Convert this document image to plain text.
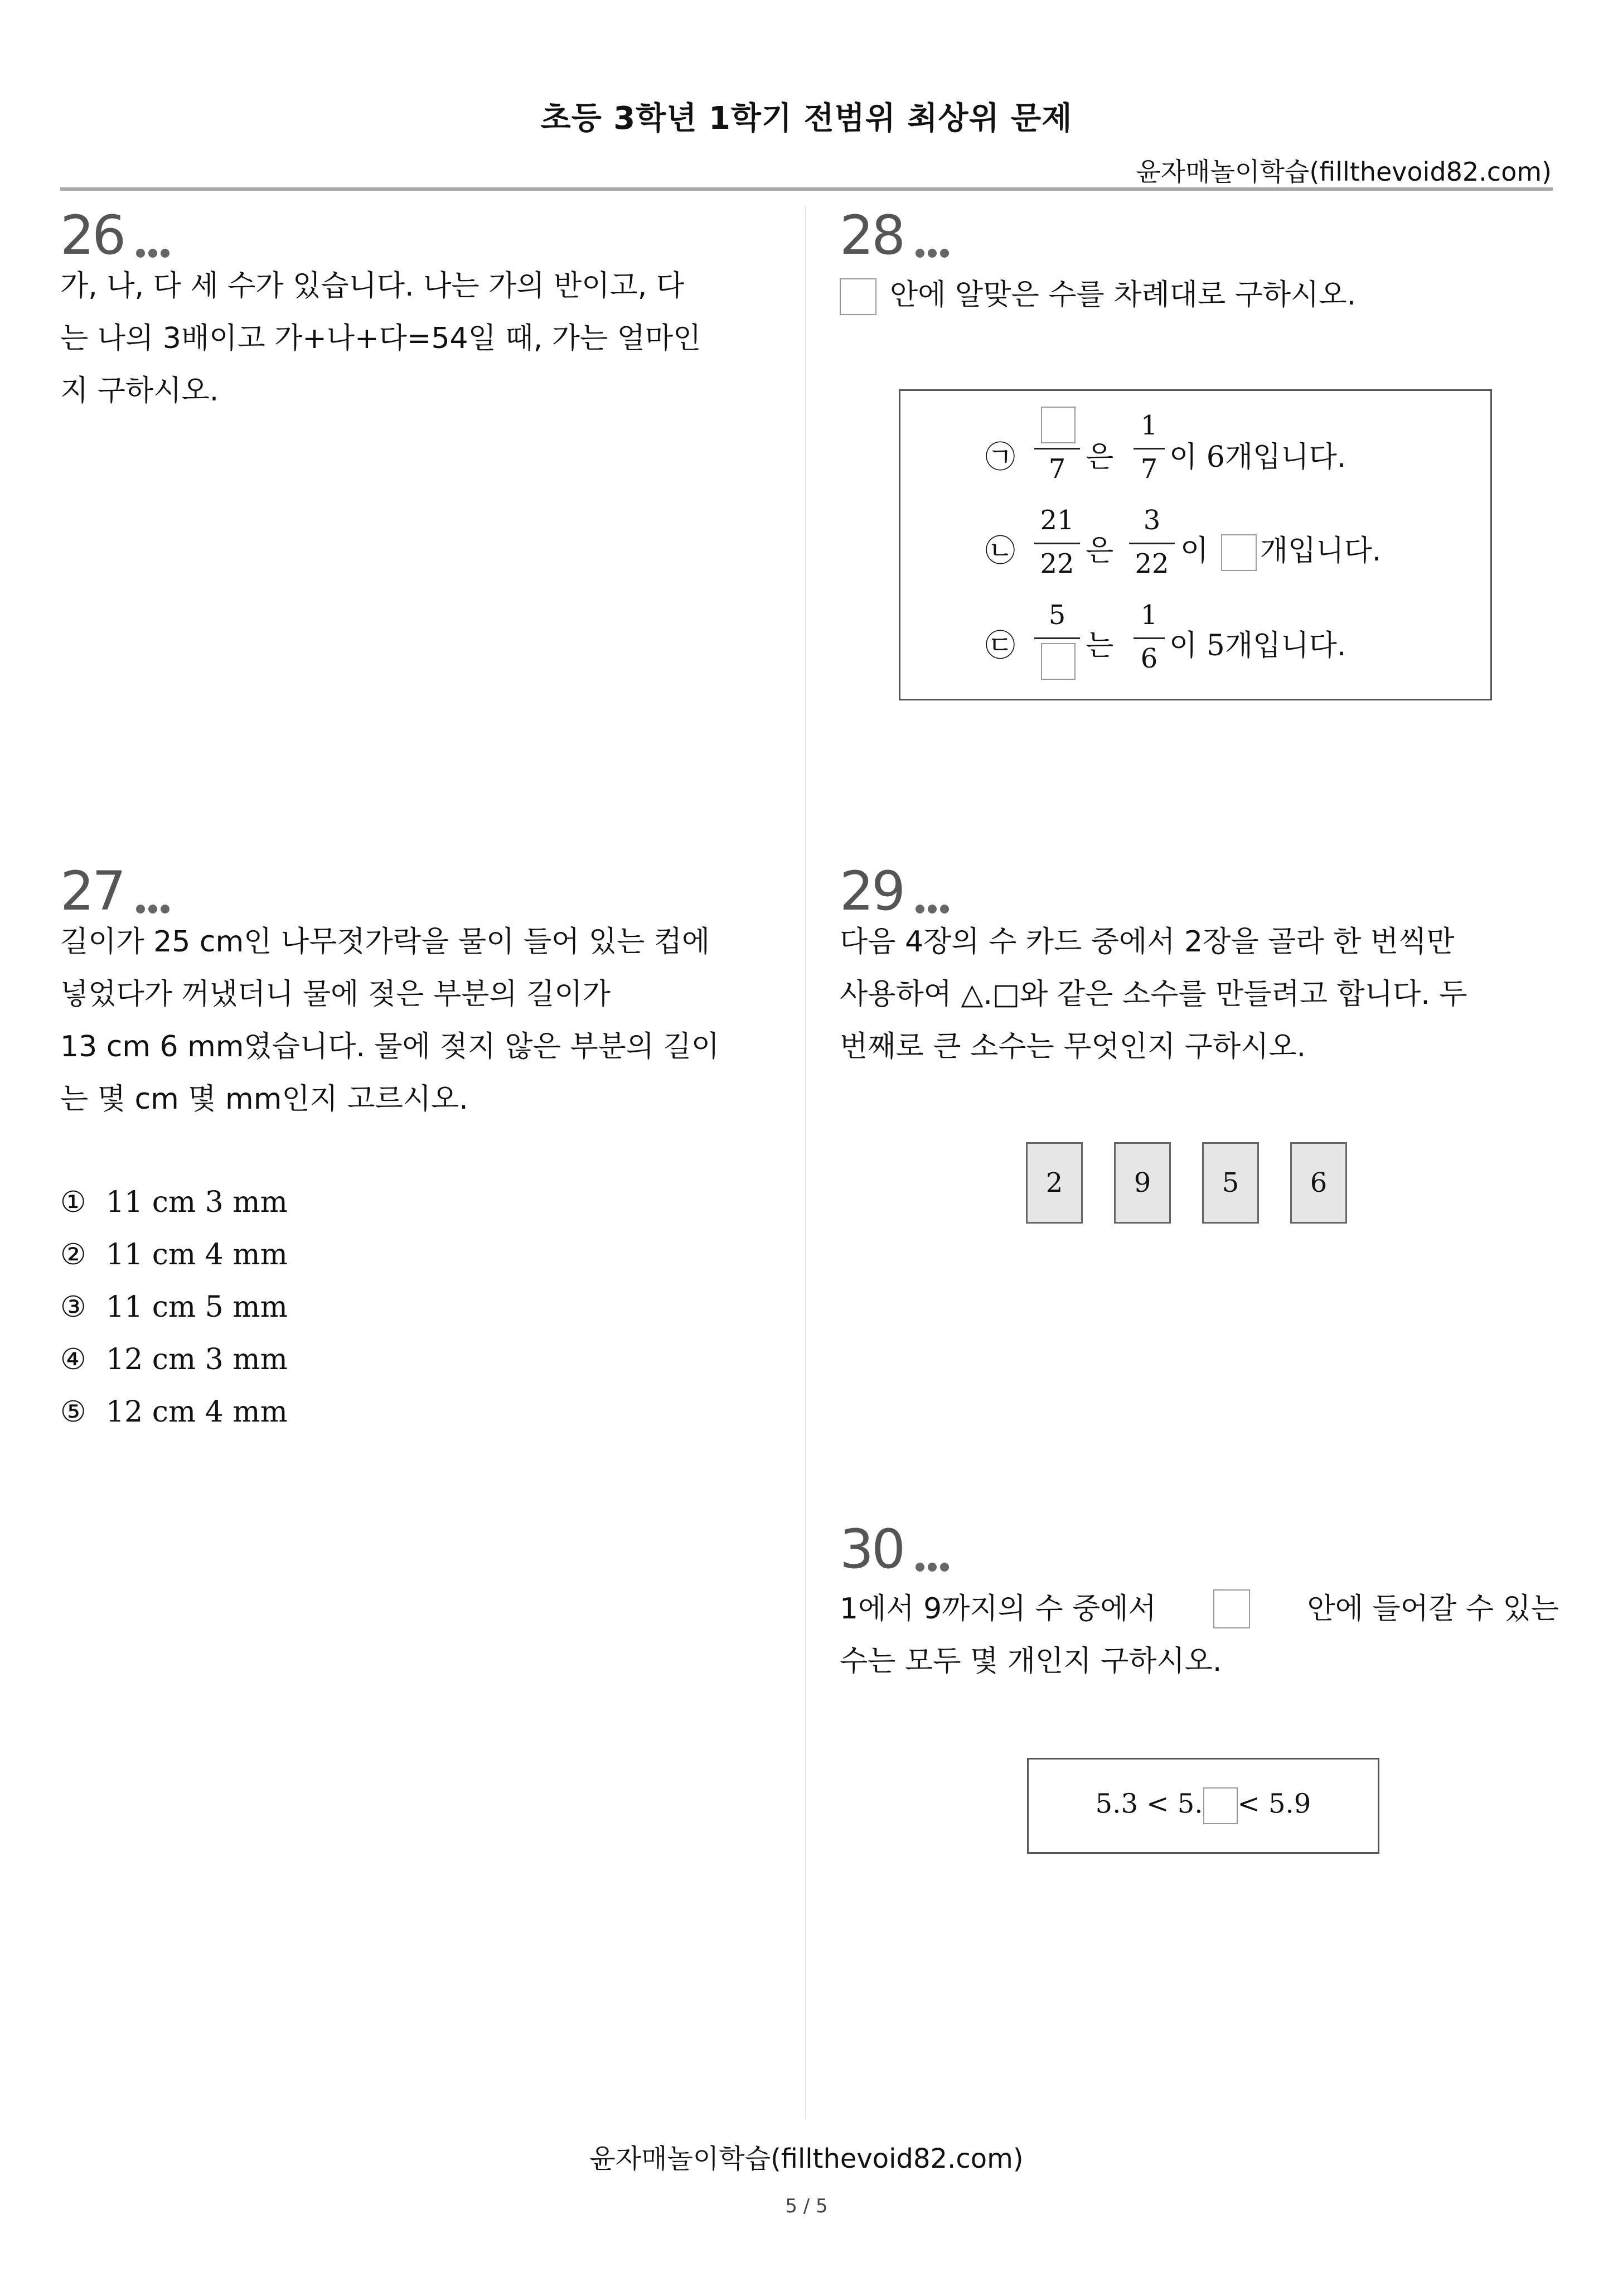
초등 3학년 1학기 전범위 최상위 문제
윤자매놀이학습(fillthevoid82.com)
26
가, 나, 다 세 수가 있습니다. 나는 가의 반이고, 다
는 나의 3배이고 가+나+다=54일 때, 가는 얼마인
지 구하시오.
27
길이가 25 cm인 나무젓가락을 물이 들어 있는 컵에
넣었다가 꺼냈더니 물에 젖은 부분의 길이가
13 cm 6 mm였습니다. 물에 젖지 않은 부분의 길이
는 몇 cm 몇 mm인지 고르시오.
① 11 cm 3 mm
② 11 cm 4 mm
③ 11 cm 5 mm
④ 12 cm 3 mm
⑤ 12 cm 4 mm
28
안에 알맞은 수를 차례대로 구하시오.
㉠	7 은
1
7 이 6개입니다.
㉡
21
22 은
3
22 이 개입니다.
㉢
5
는
1
6 이 5개입니다.
29
다음 4장의 수 카드 중에서 2장을 골라 한 번씩만
사용하여 △.□와 같은 소수를 만들려고 합니다. 두
번째로 큰 소수는 무엇인지 구하시오.
2	9	5	6
30
1에서 9까지의 수 중에서	안에 들어갈 수 있는
수는 모두 몇 개인지 구하시오.
5.3 < 5. < 5.9
윤자매놀이학습(fillthevoid82.com)
5 / 5
